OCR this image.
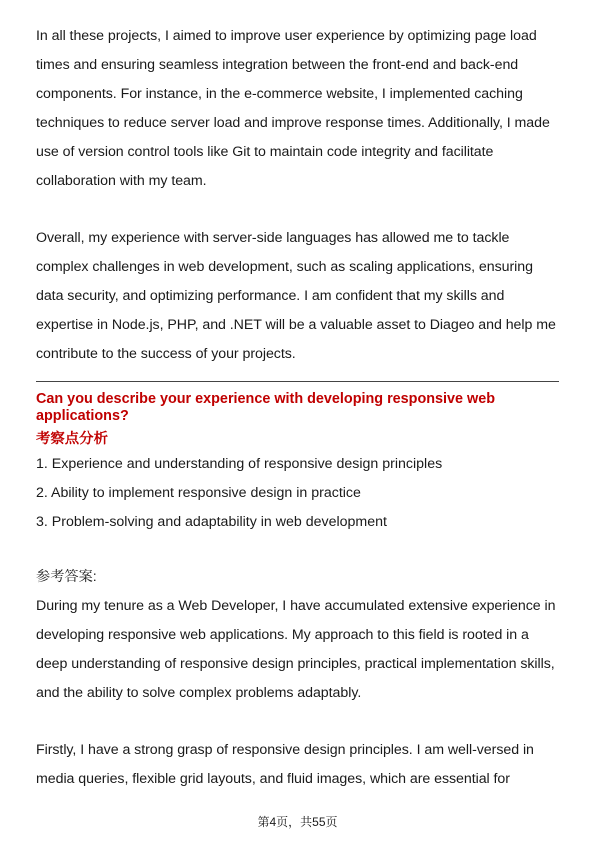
In all these projects, I aimed to improve user experience by optimizing page load times and ensuring seamless integration between the front-end and back-end components. For instance, in the e-commerce website, I implemented caching techniques to reduce server load and improve response times. Additionally, I made use of version control tools like Git to maintain code integrity and facilitate collaboration with my team.

Overall, my experience with server-side languages has allowed me to tackle complex challenges in web development, such as scaling applications, ensuring data security, and optimizing performance. I am confident that my skills and expertise in Node.js, PHP, and .NET will be a valuable asset to Diageo and help me contribute to the success of your projects.

Can you describe your experience with developing responsive web applications?

考察点分析

1. Experience and understanding of responsive design principles
2. Ability to implement responsive design in practice
3. Problem-solving and adaptability in web development

参考答案:

During my tenure as a Web Developer, I have accumulated extensive experience in developing responsive web applications. My approach to this field is rooted in a deep understanding of responsive design principles, practical implementation skills, and the ability to solve complex problems adaptably.

Firstly, I have a strong grasp of responsive design principles. I am well-versed in media queries, flexible grid layouts, and fluid images, which are essential for

第4页，共55页
